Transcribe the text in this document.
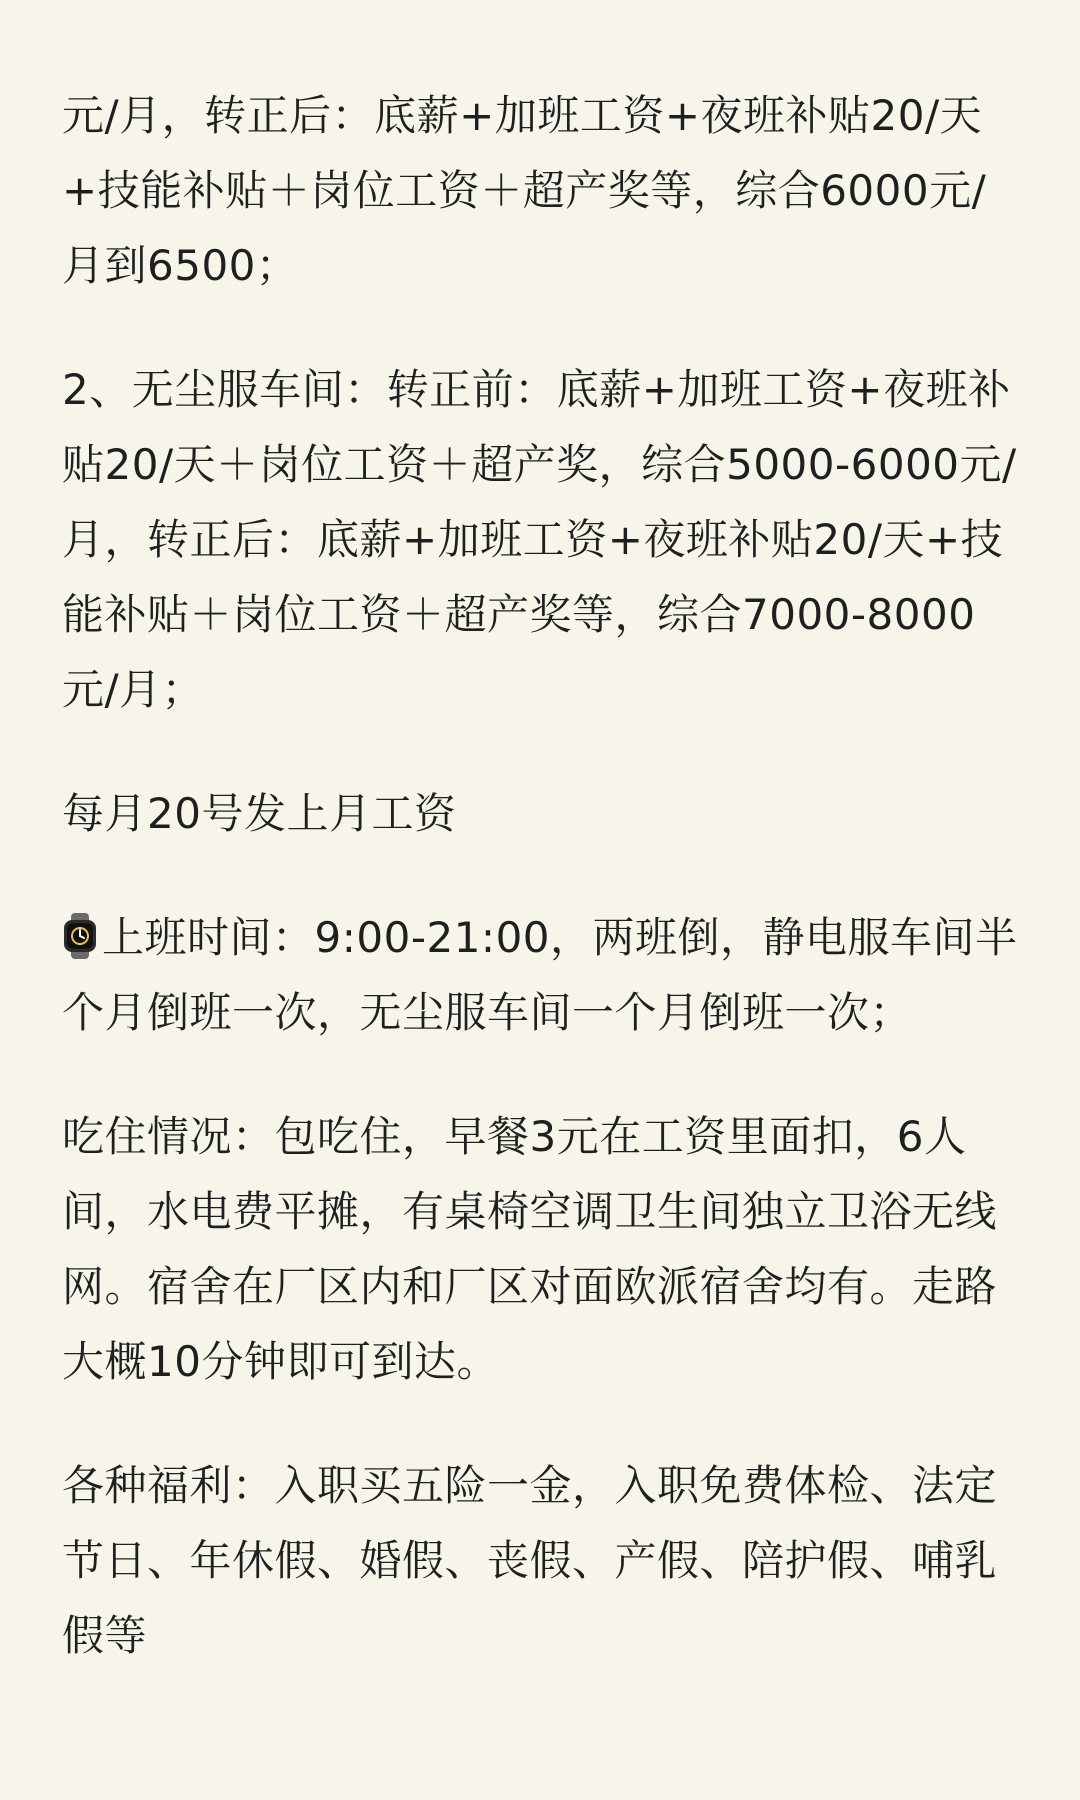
元/月，转正后：底薪+加班工资+夜班补贴20/天+技能补贴＋岗位工资＋超产奖等，综合6000元/月到6500；

2、无尘服车间：转正前：底薪+加班工资+夜班补贴20/天＋岗位工资＋超产奖，综合5000-6000元/月，转正后：底薪+加班工资+夜班补贴20/天+技能补贴＋岗位工资＋超产奖等，综合7000-8000元/月；

每月20号发上月工资

上班时间：9:00-21:00，两班倒，静电服车间半个月倒班一次，无尘服车间一个月倒班一次；

吃住情况：包吃住，早餐3元在工资里面扣，6人间，水电费平摊，有桌椅空调卫生间独立卫浴无线网。宿舍在厂区内和厂区对面欧派宿舍均有。走路大概10分钟即可到达。

各种福利：入职买五险一金，入职免费体检、法定节日、年休假、婚假、丧假、产假、陪护假、哺乳假等
